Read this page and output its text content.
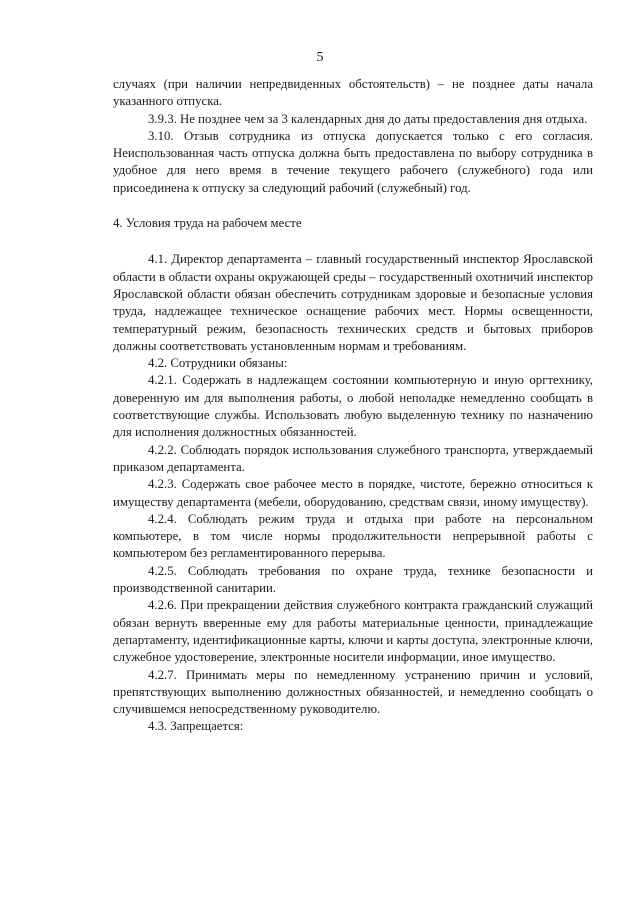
5

случаях (при наличии непредвиденных обстоятельств) – не позднее даты начала указанного отпуска.

3.9.3. Не позднее чем за 3 календарных дня до даты предоставления дня отдыха.

3.10. Отзыв сотрудника из отпуска допускается только с его согласия. Неиспользованная часть отпуска должна быть предоставлена по выбору сотрудника в удобное для него время в течение текущего рабочего (служебного) года или присоединена к отпуску за следующий рабочий (служебный) год.

4. Условия труда на рабочем месте

4.1. Директор департамента – главный государственный инспектор Ярославской области в области охраны окружающей среды – государственный охотничий инспектор Ярославской области обязан обеспечить сотрудникам здоровые и безопасные условия труда, надлежащее техническое оснащение рабочих мест. Нормы освещенности, температурный режим, безопасность технических средств и бытовых приборов должны соответствовать установленным нормам и требованиям.

4.2. Сотрудники обязаны:

4.2.1. Содержать в надлежащем состоянии компьютерную и иную оргтехнику, доверенную им для выполнения работы, о любой неполадке немедленно сообщать в соответствующие службы. Использовать любую выделенную технику по назначению для исполнения должностных обязанностей.

4.2.2. Соблюдать порядок использования служебного транспорта, утверждаемый приказом департамента.

4.2.3. Содержать свое рабочее место в порядке, чистоте, бережно относиться к имуществу департамента (мебели, оборудованию, средствам связи, иному имуществу).

4.2.4. Соблюдать режим труда и отдыха при работе на персональном компьютере, в том числе нормы продолжительности непрерывной работы с компьютером без регламентированного перерыва.

4.2.5. Соблюдать требования по охране труда, технике безопасности и производственной санитарии.

4.2.6. При прекращении действия служебного контракта гражданский служащий обязан вернуть вверенные ему для работы материальные ценности, принадлежащие департаменту, идентификационные карты, ключи и карты доступа, электронные ключи, служебное удостоверение, электронные носители информации, иное имущество.

4.2.7. Принимать меры по немедленному устранению причин и условий, препятствующих выполнению должностных обязанностей, и немедленно сообщать о случившемся непосредственному руководителю.

4.3. Запрещается:
